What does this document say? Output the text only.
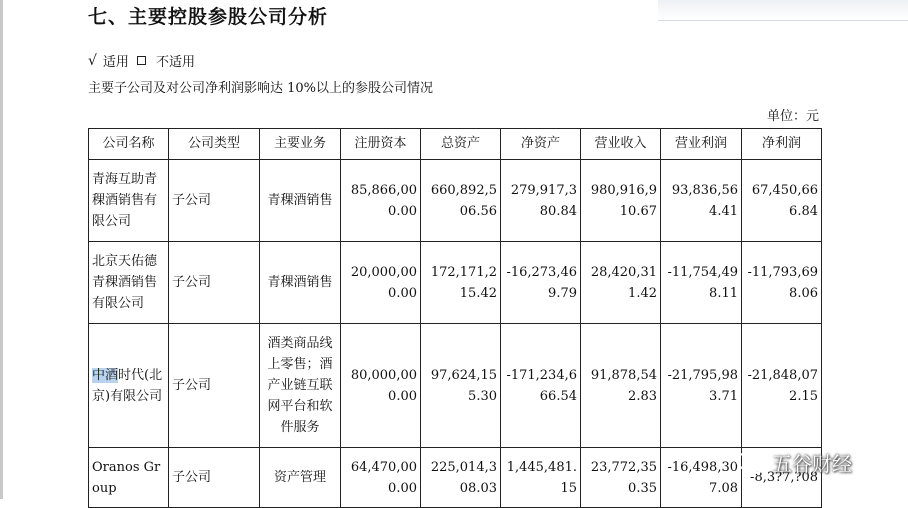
七、主要控股参股公司分析
√ 适用 不适用
主要子公司及对公司净利润影响达 10%以上的参股公司情况
单位：元
公司名称	公司类型	主要业务	注册资本	总资产	净资产	营业收入	营业利润	净利润
青海互助青稞酒销售有限公司	子公司	青稞酒销售	85,866,000.00	660,892,506.56	279,917,380.84	980,916,910.67	93,836,564.41	67,450,666.84
北京天佑德青稞酒销售有限公司	子公司	青稞酒销售	20,000,000.00	172,171,215.42	-16,273,469.79	28,420,311.42	-11,754,498.11	-11,793,698.06
中酒时代(北京)有限公司	子公司	酒类商品线上零售；酒产业链互联网平台和软件服务	80,000,000.00	97,624,155.30	-171,234,666.54	91,878,542.83	-21,795,983.71	-21,848,072.15
Oranos Group	子公司	资产管理	64,470,000.00	225,014,308.03	1,445,481.15	23,772,350.35	-16,498,307.08	-8,3?7,?08
五谷财经
